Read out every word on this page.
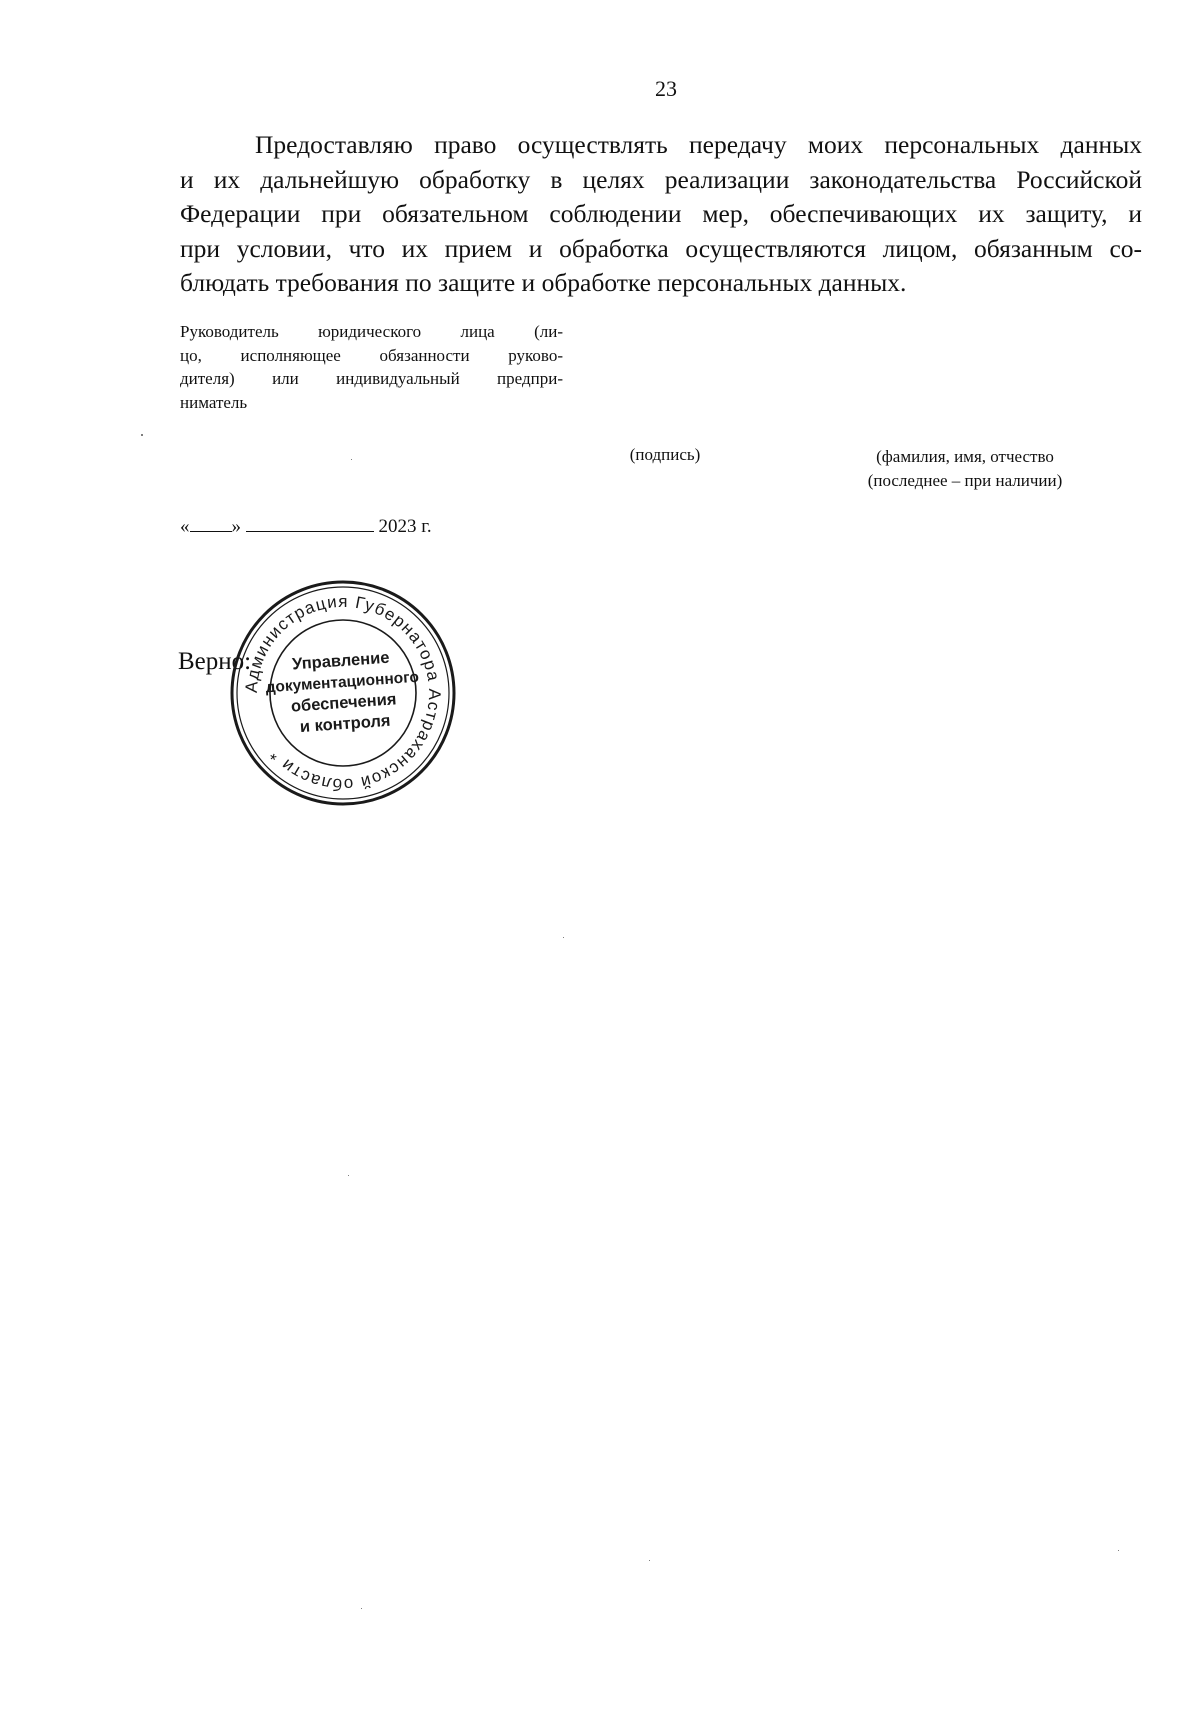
23
Предоставляю право осуществлять передачу моих персональных данных
и их дальнейшую обработку в целях реализации законодательства Российской
Федерации при обязательном соблюдении мер, обеспечивающих их защиту, и
при условии, что их прием и обработка осуществляются лицом, обязанным со-
блюдать требования по защите и обработке персональных данных.
Руководитель юридического лица (ли-
цо, исполняющее обязанности руково-
дителя) или индивидуальный предпри-
ниматель
(подпись)	(фамилия, имя, отчество
(последнее – при наличии)
« »	2023 г.
Верно:
Администрация Губернатора Астраханской области *
Управление
документационного
обеспечения
и контроля
